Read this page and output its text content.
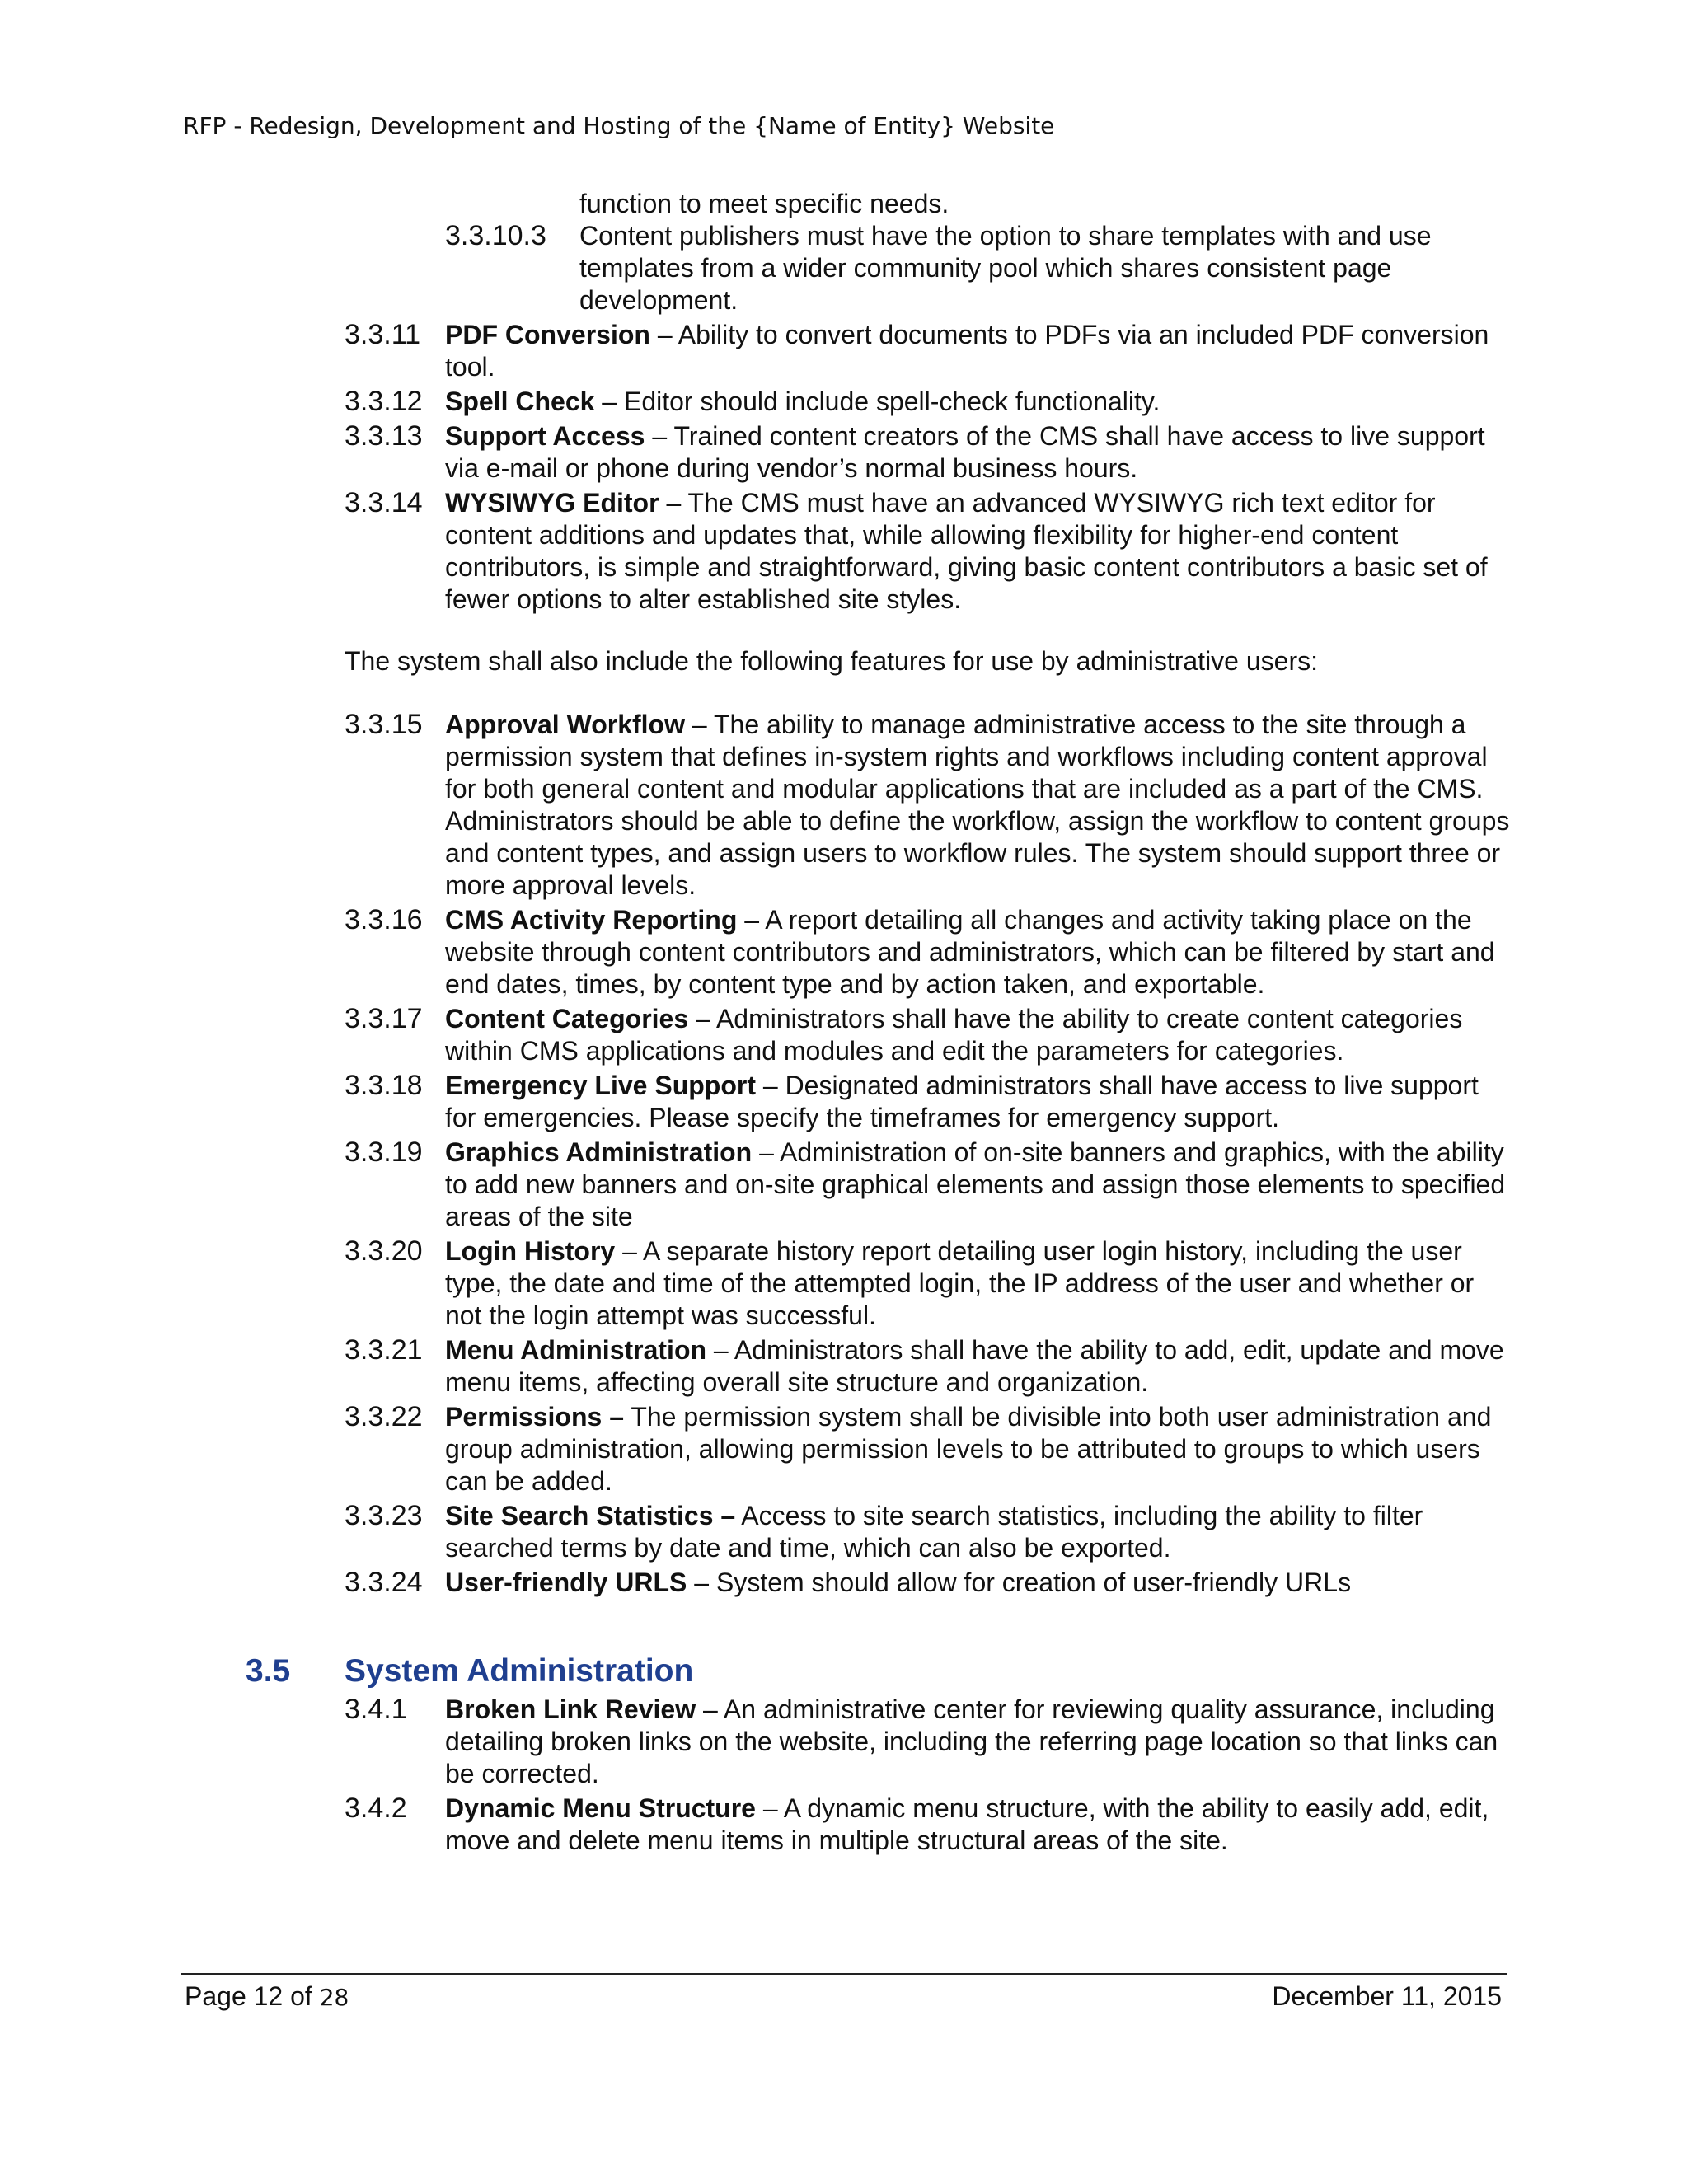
RFP - Redesign, Development and Hosting of the {Name of Entity} Website
function to meet specific needs.
3.3.10.3 Content publishers must have the option to share templates with and use templates from a wider community pool which shares consistent page development.
3.3.11 PDF Conversion – Ability to convert documents to PDFs via an included PDF conversion tool.
3.3.12 Spell Check – Editor should include spell-check functionality.
3.3.13 Support Access – Trained content creators of the CMS shall have access to live support via e-mail or phone during vendor’s normal business hours.
3.3.14 WYSIWYG Editor – The CMS must have an advanced WYSIWYG rich text editor for content additions and updates that, while allowing flexibility for higher-end content contributors, is simple and straightforward, giving basic content contributors a basic set of fewer options to alter established site styles.
The system shall also include the following features for use by administrative users:
3.3.15 Approval Workflow – The ability to manage administrative access to the site through a permission system that defines in-system rights and workflows including content approval for both general content and modular applications that are included as a part of the CMS. Administrators should be able to define the workflow, assign the workflow to content groups and content types, and assign users to workflow rules. The system should support three or more approval levels.
3.3.16 CMS Activity Reporting – A report detailing all changes and activity taking place on the website through content contributors and administrators, which can be filtered by start and end dates, times, by content type and by action taken, and exportable.
3.3.17 Content Categories – Administrators shall have the ability to create content categories within CMS applications and modules and edit the parameters for categories.
3.3.18 Emergency Live Support – Designated administrators shall have access to live support for emergencies. Please specify the timeframes for emergency support.
3.3.19 Graphics Administration – Administration of on-site banners and graphics, with the ability to add new banners and on-site graphical elements and assign those elements to specified areas of the site
3.3.20 Login History – A separate history report detailing user login history, including the user type, the date and time of the attempted login, the IP address of the user and whether or not the login attempt was successful.
3.3.21 Menu Administration – Administrators shall have the ability to add, edit, update and move menu items, affecting overall site structure and organization.
3.3.22 Permissions – The permission system shall be divisible into both user administration and group administration, allowing permission levels to be attributed to groups to which users can be added.
3.3.23 Site Search Statistics – Access to site search statistics, including the ability to filter searched terms by date and time, which can also be exported.
3.3.24 User-friendly URLS – System should allow for creation of user-friendly URLs
3.5 System Administration
3.4.1 Broken Link Review – An administrative center for reviewing quality assurance, including detailing broken links on the website, including the referring page location so that links can be corrected.
3.4.2 Dynamic Menu Structure – A dynamic menu structure, with the ability to easily add, edit, move and delete menu items in multiple structural areas of the site.
Page 12 of 28	December 11, 2015
